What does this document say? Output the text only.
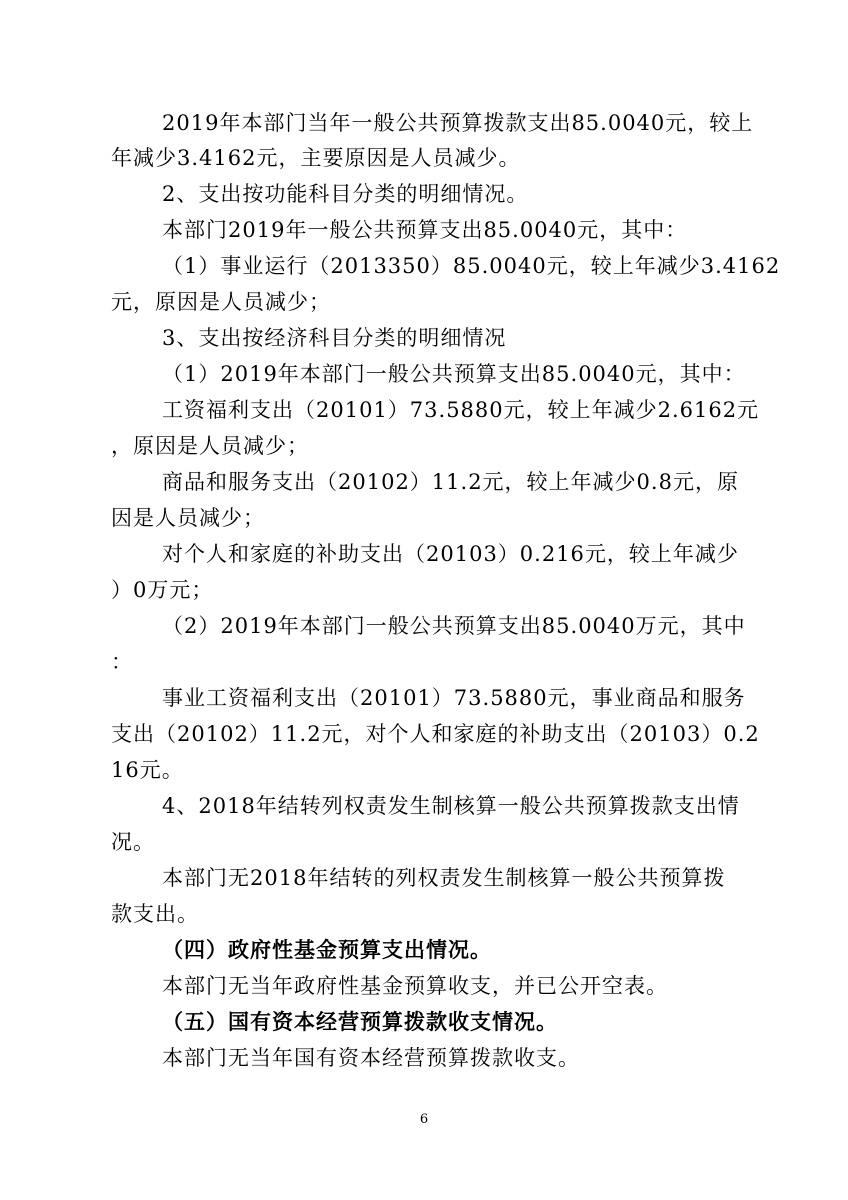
2019年本部门当年一般公共预算拨款支出85.0040元，较上
年减少3.4162元，主要原因是人员减少。
2、支出按功能科目分类的明细情况。
本部门2019年一般公共预算支出85.0040元，其中：
（1）事业运行（2013350）85.0040元，较上年减少3.4162
元，原因是人员减少；
3、支出按经济科目分类的明细情况
（1）2019年本部门一般公共预算支出85.0040元，其中：
工资福利支出（20101）73.5880元，较上年减少2.6162元
，原因是人员减少；
商品和服务支出（20102）11.2元，较上年减少0.8元，原
因是人员减少；
对个人和家庭的补助支出（20103）0.216元，较上年减少
）0万元；
（2）2019年本部门一般公共预算支出85.0040万元，其中
：
事业工资福利支出（20101）73.5880元，事业商品和服务
支出（20102）11.2元，对个人和家庭的补助支出（20103）0.2
16元。
4、2018年结转列权责发生制核算一般公共预算拨款支出情
况。
本部门无2018年结转的列权责发生制核算一般公共预算拨
款支出。
（四）政府性基金预算支出情况。
本部门无当年政府性基金预算收支，并已公开空表。
（五）国有资本经营预算拨款收支情况。
本部门无当年国有资本经营预算拨款收支。
6
